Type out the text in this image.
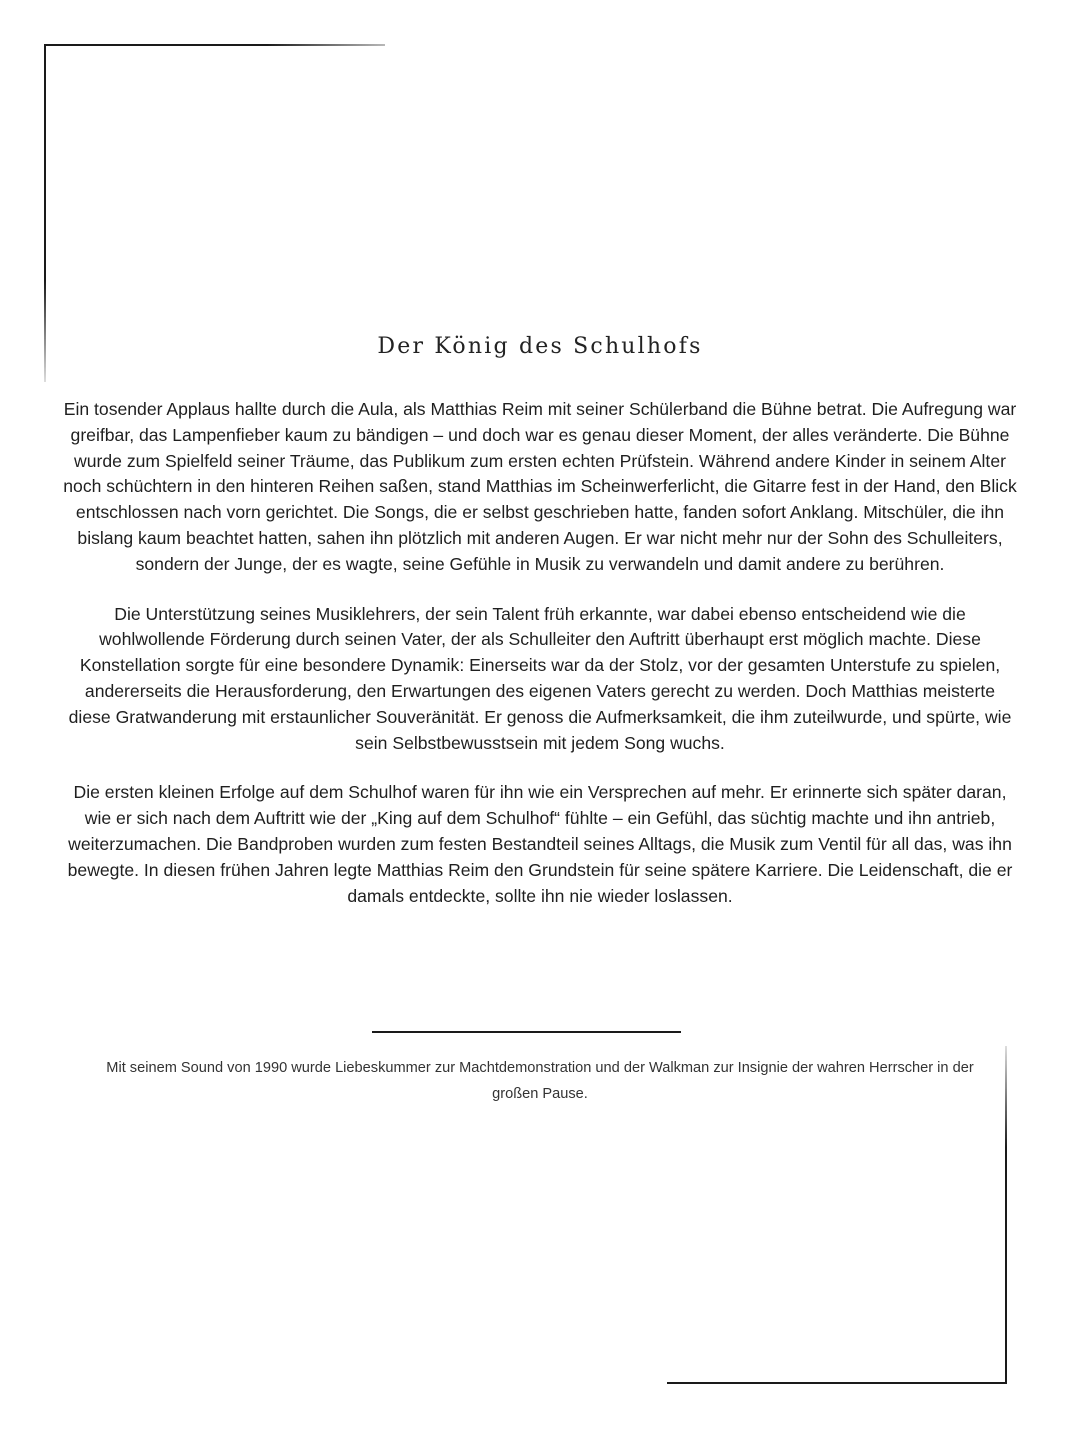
Der König des Schulhofs

Ein tosender Applaus hallte durch die Aula, als Matthias Reim mit seiner Schülerband die Bühne betrat. Die Aufregung war greifbar, das Lampenfieber kaum zu bändigen – und doch war es genau dieser Moment, der alles veränderte. Die Bühne wurde zum Spielfeld seiner Träume, das Publikum zum ersten echten Prüfstein. Während andere Kinder in seinem Alter noch schüchtern in den hinteren Reihen saßen, stand Matthias im Scheinwerferlicht, die Gitarre fest in der Hand, den Blick entschlossen nach vorn gerichtet. Die Songs, die er selbst geschrieben hatte, fanden sofort Anklang. Mitschüler, die ihn bislang kaum beachtet hatten, sahen ihn plötzlich mit anderen Augen. Er war nicht mehr nur der Sohn des Schulleiters, sondern der Junge, der es wagte, seine Gefühle in Musik zu verwandeln und damit andere zu berühren.

Die Unterstützung seines Musiklehrers, der sein Talent früh erkannte, war dabei ebenso entscheidend wie die wohlwollende Förderung durch seinen Vater, der als Schulleiter den Auftritt überhaupt erst möglich machte. Diese Konstellation sorgte für eine besondere Dynamik: Einerseits war da der Stolz, vor der gesamten Unterstufe zu spielen, andererseits die Herausforderung, den Erwartungen des eigenen Vaters gerecht zu werden. Doch Matthias meisterte diese Gratwanderung mit erstaunlicher Souveränität. Er genoss die Aufmerksamkeit, die ihm zuteilwurde, und spürte, wie sein Selbstbewusstsein mit jedem Song wuchs.

Die ersten kleinen Erfolge auf dem Schulhof waren für ihn wie ein Versprechen auf mehr. Er erinnerte sich später daran, wie er sich nach dem Auftritt wie der „King auf dem Schulhof“ fühlte – ein Gefühl, das süchtig machte und ihn antrieb, weiterzumachen. Die Bandproben wurden zum festen Bestandteil seines Alltags, die Musik zum Ventil für all das, was ihn bewegte. In diesen frühen Jahren legte Matthias Reim den Grundstein für seine spätere Karriere. Die Leidenschaft, die er damals entdeckte, sollte ihn nie wieder loslassen.

Mit seinem Sound von 1990 wurde Liebeskummer zur Machtdemonstration und der Walkman zur Insignie der wahren Herrscher in der großen Pause.
